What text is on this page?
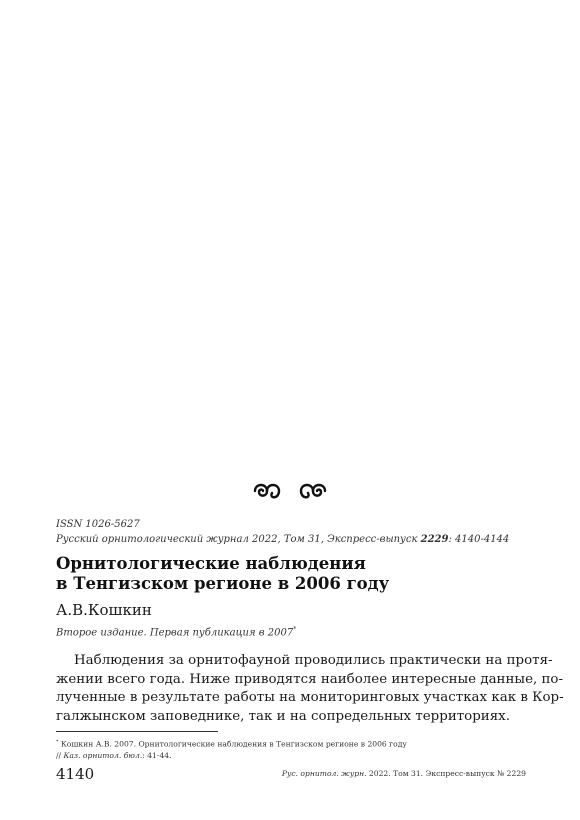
ISSN 1026-5627
Русский орнитологический журнал 2022, Том 31, Экспресс-выпуск 2229: 4140-4144
Орнитологические наблюдения
в Тенгизском регионе в 2006 году
А.В.Кошкин
Второе издание. Первая публикация в 2007*
Наблюдения за орнитофауной проводились практически на протя-
жении всего года. Ниже приводятся наиболее интересные данные, по-
лученные в результате работы на мониторинговых участках как в Кор-
галжынском заповеднике, так и на сопредельных территориях.
* Кошкин А.В. 2007. Орнитологические наблюдения в Тенгизском регионе в 2006 году
// Каз. орнитол. бюл.: 41-44.
4140	Рус. орнитол. журн. 2022. Том 31. Экспресс-выпуск № 2229
